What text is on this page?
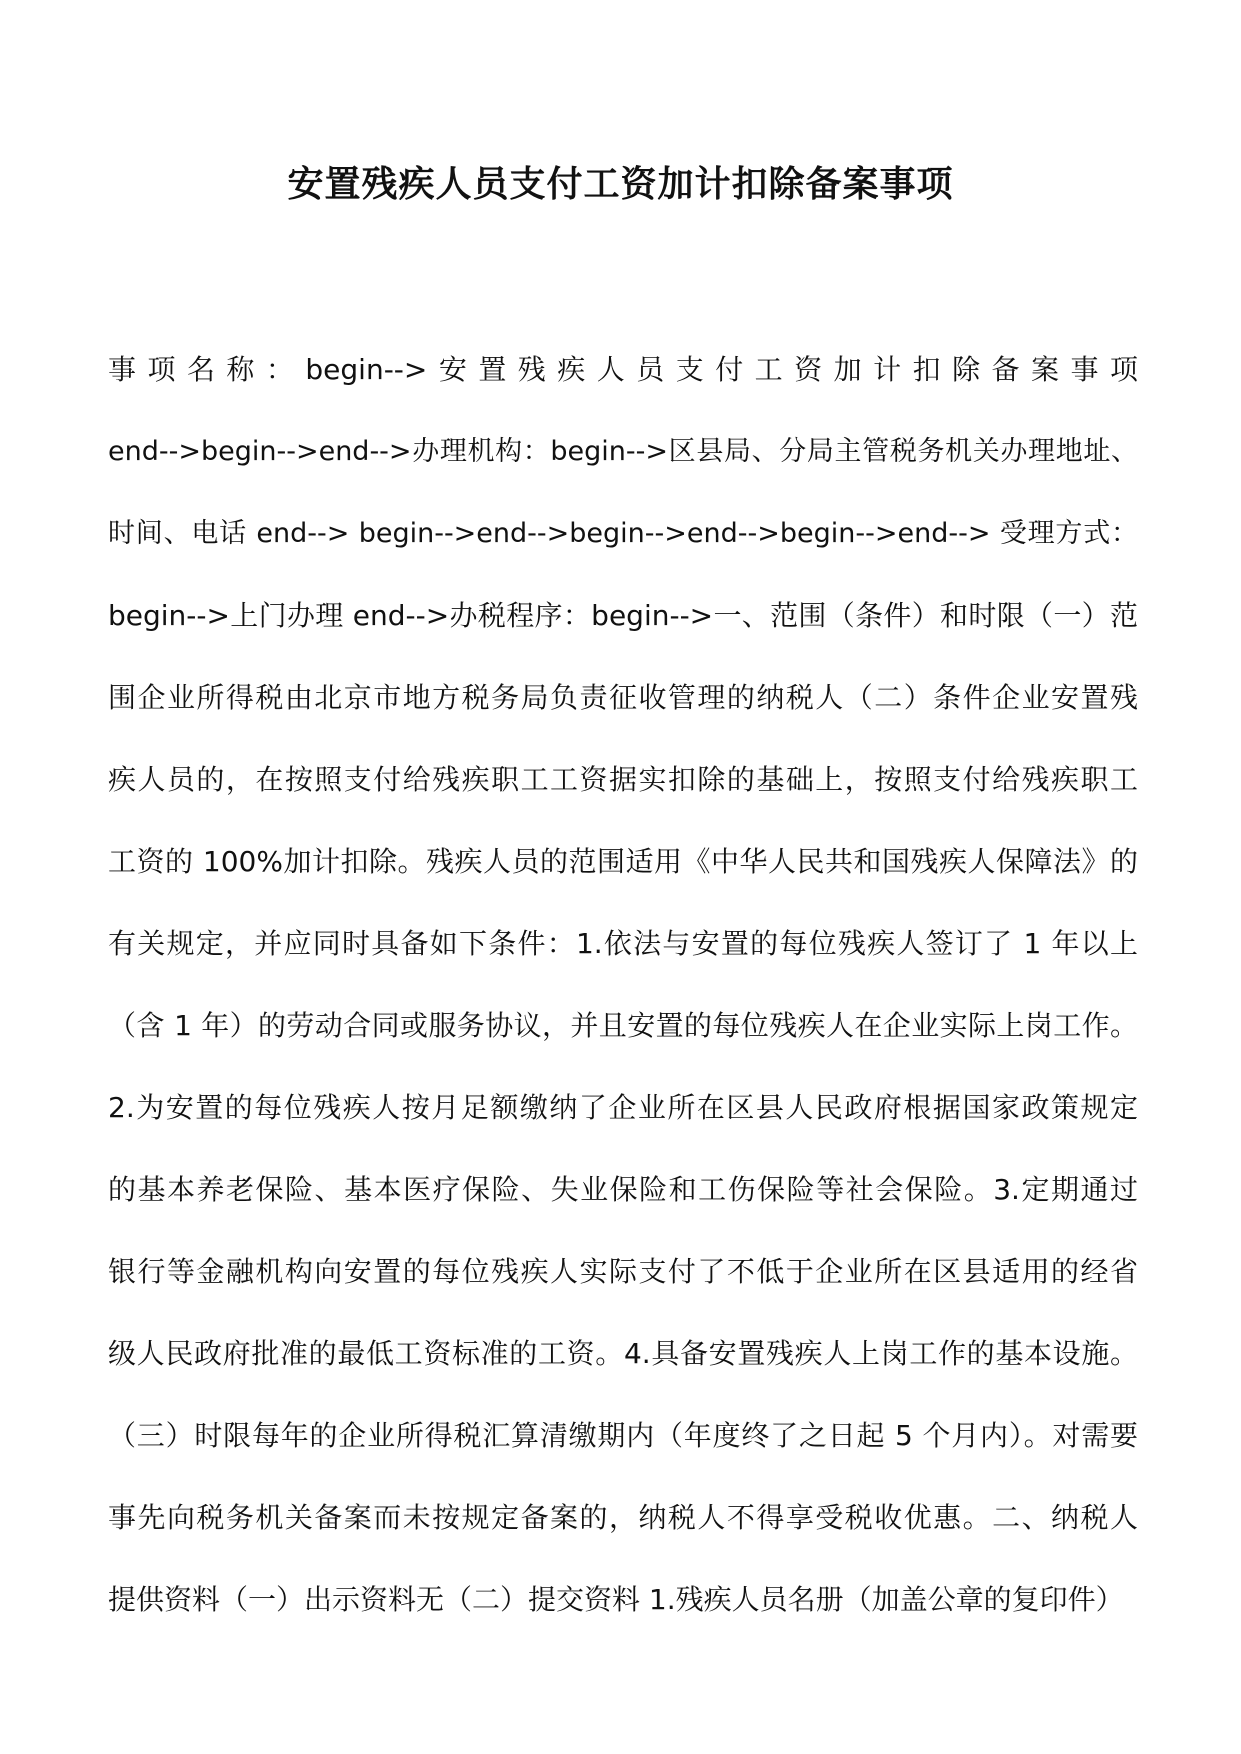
安置残疾人员支付工资加计扣除备案事项
事项名称：begin-->安置残疾人员支付工资加计扣除备案事项
end-->begin-->end-->办理机构：begin-->区县局、分局主管税务机关办理地址、
时间、电话 end--> begin-->end-->begin-->end-->begin-->end--> 受理方式：
begin-->上门办理 end-->办税程序：begin-->一、范围（条件）和时限（一）范
围企业所得税由北京市地方税务局负责征收管理的纳税人（二）条件企业安置残
疾人员的，在按照支付给残疾职工工资据实扣除的基础上，按照支付给残疾职工
工资的 100%加计扣除。残疾人员的范围适用《中华人民共和国残疾人保障法》的
有关规定，并应同时具备如下条件：1.依法与安置的每位残疾人签订了 1 年以上
（含 1 年）的劳动合同或服务协议，并且安置的每位残疾人在企业实际上岗工作。
2.为安置的每位残疾人按月足额缴纳了企业所在区县人民政府根据国家政策规定
的基本养老保险、基本医疗保险、失业保险和工伤保险等社会保险。3.定期通过
银行等金融机构向安置的每位残疾人实际支付了不低于企业所在区县适用的经省
级人民政府批准的最低工资标准的工资。4.具备安置残疾人上岗工作的基本设施。
（三）时限每年的企业所得税汇算清缴期内（年度终了之日起 5 个月内）。对需要
事先向税务机关备案而未按规定备案的，纳税人不得享受税收优惠。二、纳税人
提供资料（一）出示资料无（二）提交资料 1.残疾人员名册（加盖公章的复印件）
